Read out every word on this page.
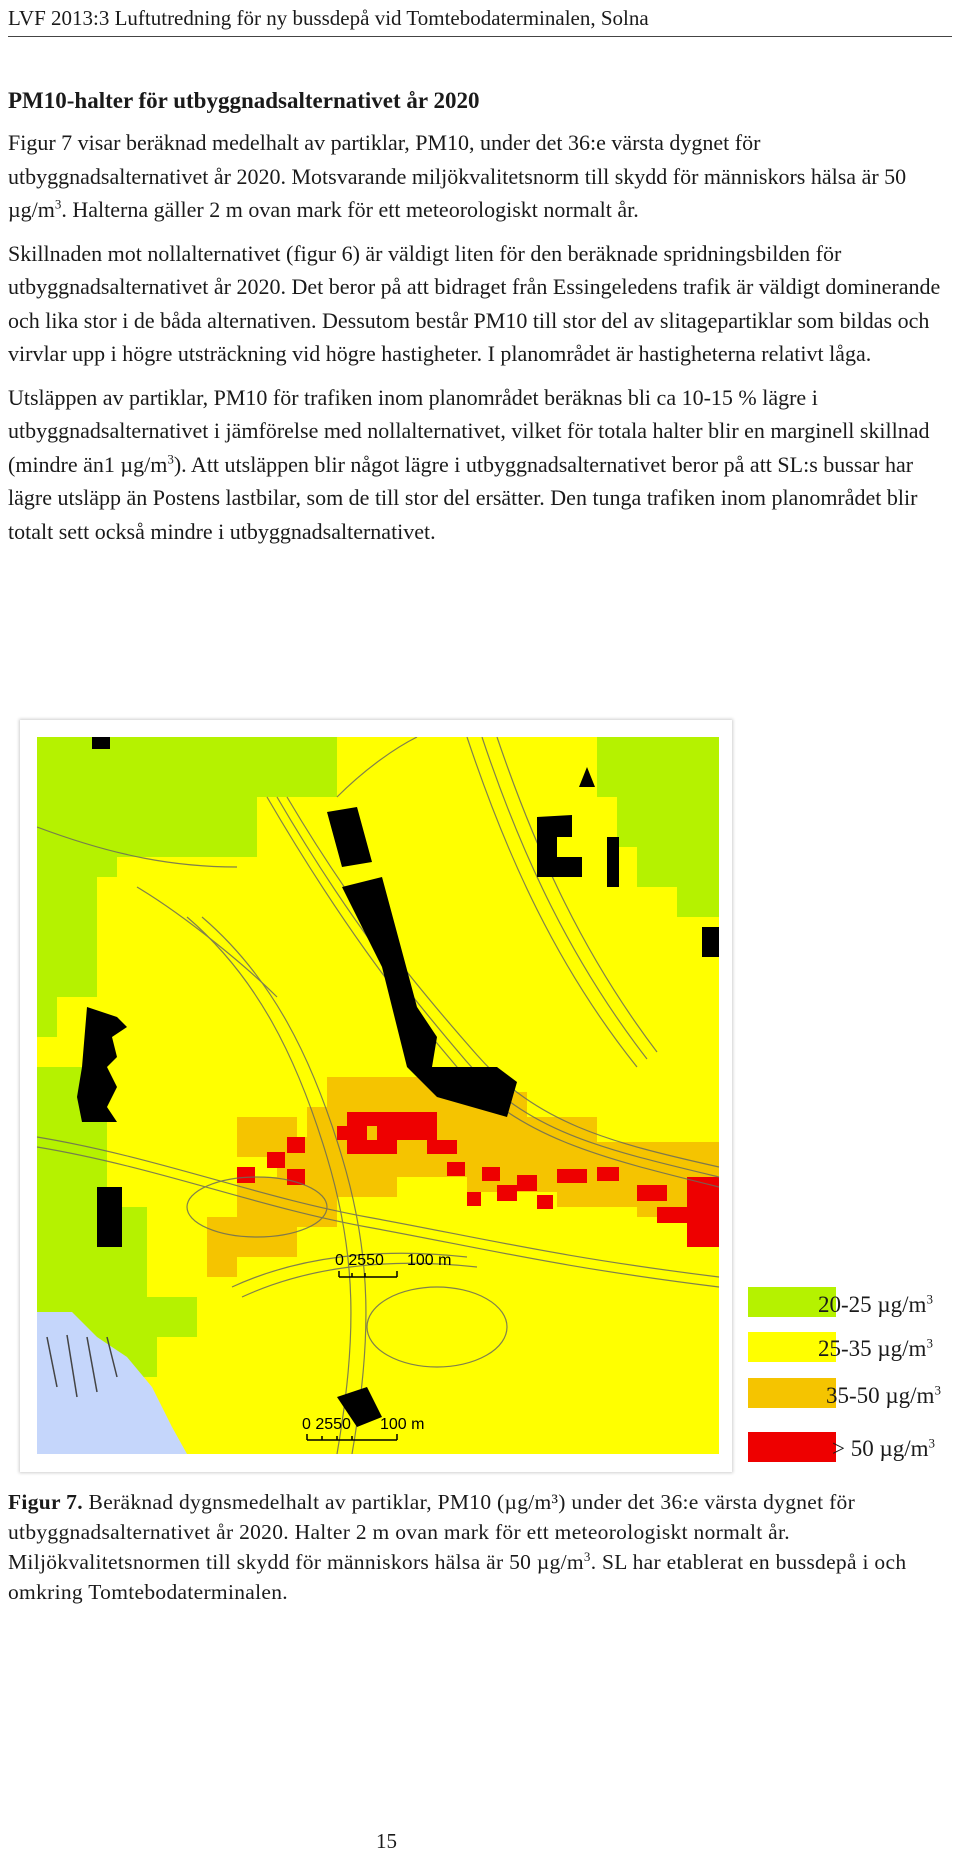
LVF 2013:3 Luftutredning för ny bussdepå vid Tomtebodaterminalen, Solna
PM10-halter för utbyggnadsalternativet år 2020

Figur 7 visar beräknad medelhalt av partiklar, PM10, under det 36:e värsta dygnet för utbyggnadsalternativet år 2020. Motsvarande miljökvalitetsnorm till skydd för människors hälsa är 50 $\mu g/m^3$. Halterna gäller 2 m ovan mark för ett meteorologiskt normalt år.

Skillnaden mot nollalternativet (figur 6) är väldigt liten för den beräknade spridningsbilden för utbyggnadsalternativet år 2020. Det beror på att bidraget från Essingeledens trafik är väldigt dominerande och lika stor i de båda alternativen. Dessutom består PM10 till stor del av slitagepartiklar som bildas och virvlar upp i högre utsträckning vid högre hastigheter. I planområdet är hastigheterna relativt låga.

Utsläppen av partiklar, PM10 för trafiken inom planområdet beräknas bli ca 10-15 % lägre i utbyggnadsalternativet i jämförelse med nollalternativet, vilket för totala halter blir en marginell skillnad (mindre än1 $\mu g/m^3$). Att utsläppen blir något lägre i utbyggnadsalternativet beror på att SL:s bussar har lägre utsläpp än Postens lastbilar, som de till stor del ersätter. Den tunga trafiken inom planområdet blir totalt sett också mindre i utbyggnadsalternativet.

0 2550 100 m
0 2550 100 m
20-25 $\mu g/m^3$
25-35 $\mu g/m^3$
35-50 $\mu g/m^3$
> 50 $\mu g/m^3$
Figur 7. Beräknad dygnsmedelhalt av partiklar, PM10 (µg/m³) under det 36:e värsta dygnet för utbyggnadsalternativet år 2020. Halter 2 m ovan mark för ett meteorologiskt normalt år. Miljökvalitetsnormen till skydd för människors hälsa är 50 $\mu g/m^3$. SL har etablerat en bussdepå i och omkring Tomtebodaterminalen.
15
